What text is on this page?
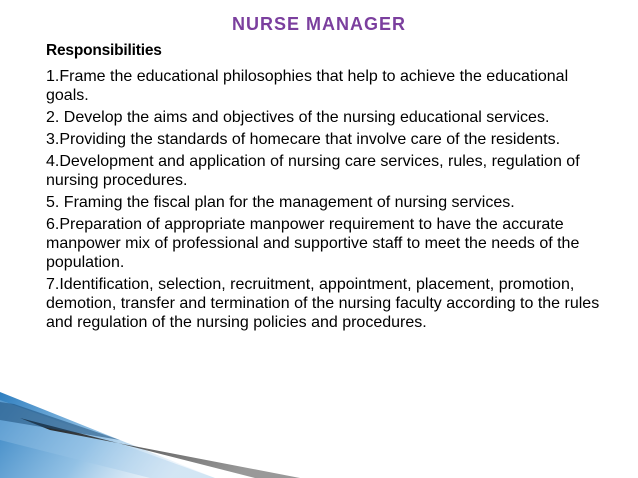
NURSE MANAGER
Responsibilities
1.Frame the educational philosophies that help to achieve the educational goals.
2. Develop the aims and objectives of the nursing educational services.
3.Providing the standards of homecare that involve care of the residents.
4.Development and application of nursing care services, rules, regulation of nursing procedures.
5. Framing the fiscal plan for the management of nursing services.
6.Preparation of appropriate manpower requirement to have the accurate manpower mix of professional and supportive staff to meet the needs of the population.
7.Identification, selection, recruitment, appointment, placement, promotion, demotion, transfer and termination of the nursing faculty according to the rules and regulation of the nursing policies and procedures.
